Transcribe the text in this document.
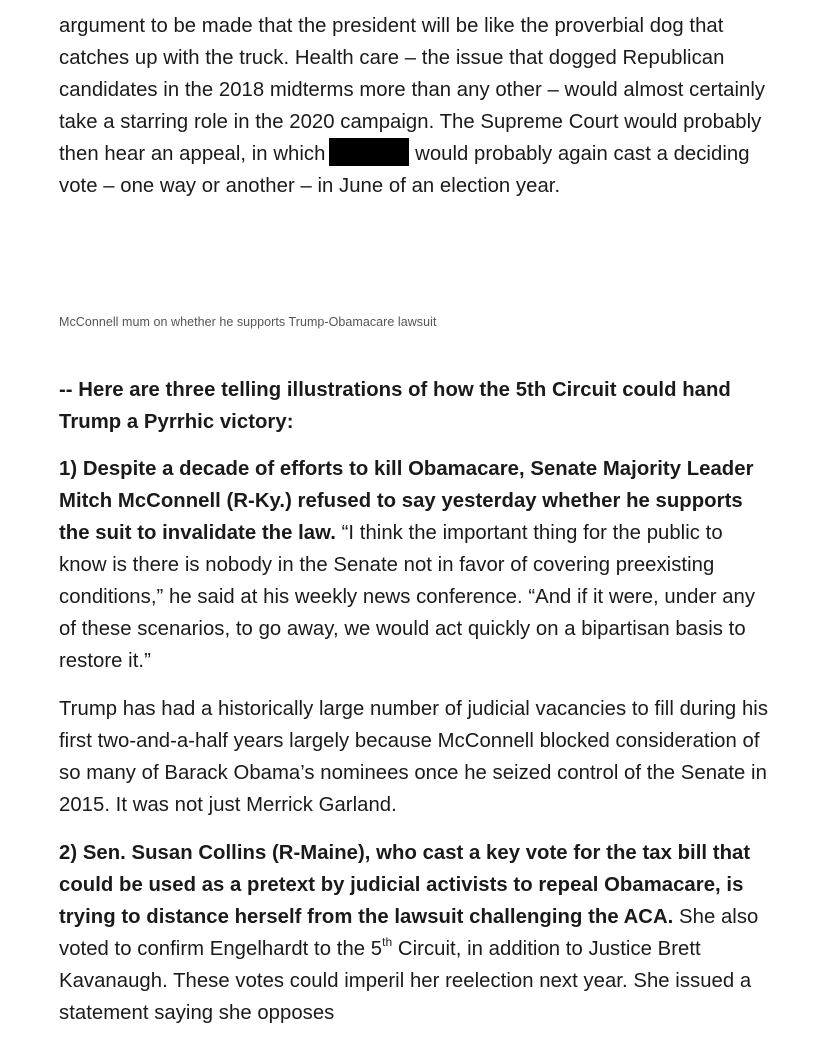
argument to be made that the president will be like the proverbial dog that catches up with the truck. Health care – the issue that dogged Republican candidates in the 2018 midterms more than any other – would almost certainly take a starring role in the 2020 campaign. The Supreme Court would probably then hear an appeal, in which	would probably again cast a deciding vote – one way or another – in June of an election year.

McConnell mum on whether he supports Trump-Obamacare lawsuit

-- Here are three telling illustrations of how the 5th Circuit could hand Trump a Pyrrhic victory:

1) Despite a decade of efforts to kill Obamacare, Senate Majority Leader Mitch McConnell (R-Ky.) refused to say yesterday whether he supports the suit to invalidate the law. “I think the important thing for the public to know is there is nobody in the Senate not in favor of covering preexisting conditions,” he said at his weekly news conference. “And if it were, under any of these scenarios, to go away, we would act quickly on a bipartisan basis to restore it.”

Trump has had a historically large number of judicial vacancies to fill during his first two-and-a-half years largely because McConnell blocked consideration of so many of Barack Obama’s nominees once he seized control of the Senate in 2015. It was not just Merrick Garland.

2) Sen. Susan Collins (R-Maine), who cast a key vote for the tax bill that could be used as a pretext by judicial activists to repeal Obamacare, is trying to distance herself from the lawsuit challenging the ACA. She also voted to confirm Engelhardt to the 5th Circuit, in addition to Justice Brett Kavanaugh. These votes could imperil her reelection next year. She issued a statement saying she opposes
